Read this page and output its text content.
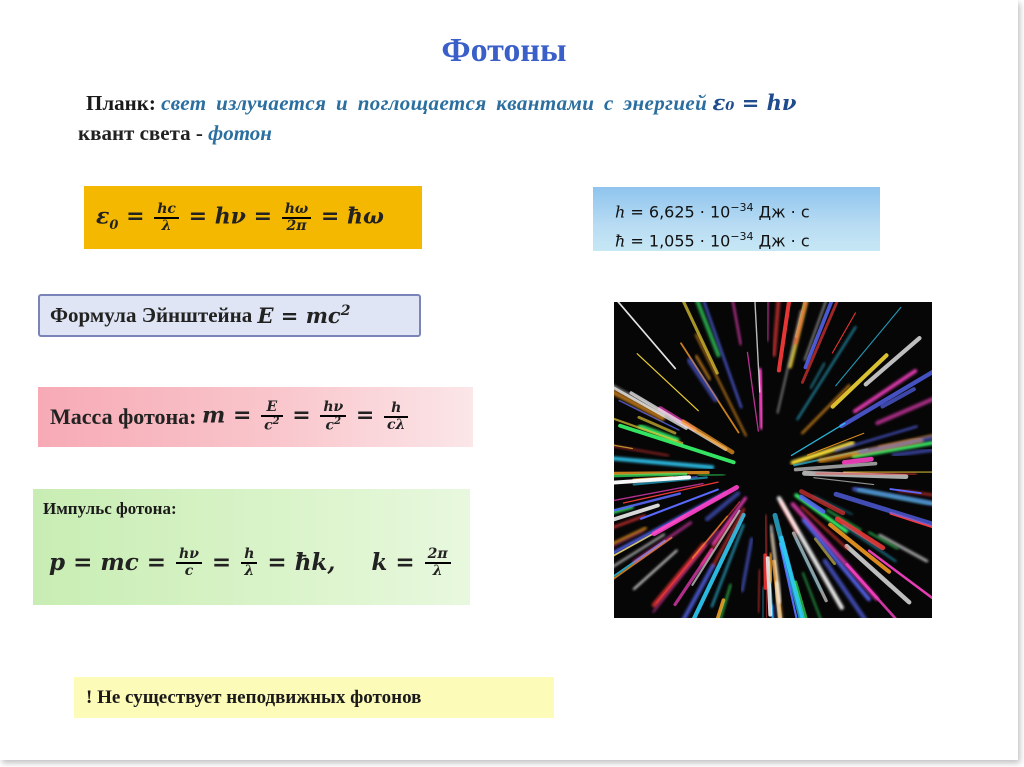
Фотоны
Планк: свет излучается и поглощается квантами с энергией ε₀ = hν
квант света - фотон
$\varepsilon_0 = \frac{hc}{\lambda} = h\nu = \frac{h\omega}{2\pi}$ = ħω	$h = 6,625 \cdot 10^{-34}$ Дж · с
ħ = $1,055 \cdot 10^{-34}$ Дж · с
Формула Эйнштейна
$E = mc^2$
Масса фотона:
$m = \frac{E}{c^2} = \frac{h\nu}{c^2} = \frac{h}{c\lambda}$
Импульс фотона:
p = mc =
$\frac{h\nu}{c} = \frac{h}{\lambda}$
= ħk, k =
$\frac{2\pi}{\lambda}$
! Не существует неподвижных фотонов
